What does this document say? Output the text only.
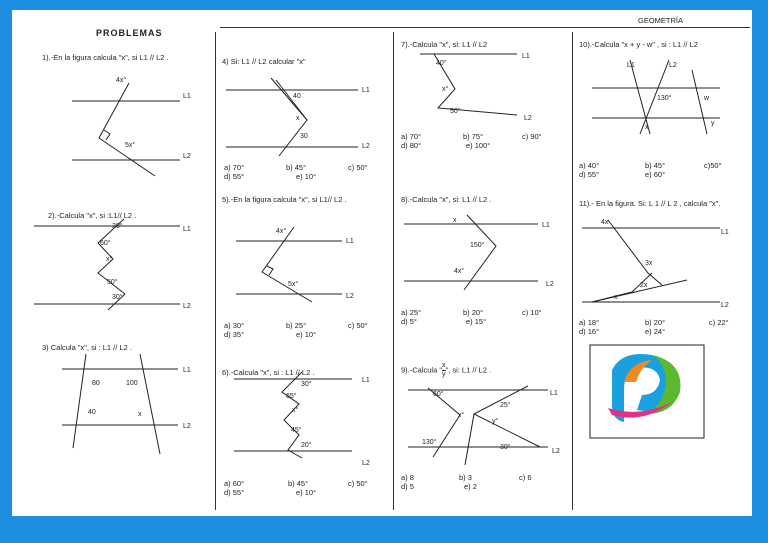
PROBLEMAS
GEOMETRÍA
1).-En la figura calcula "x", si L1 // L2 .
2).-Calcula "x", si :L1// L2 .
3) Calcula "x", si : L1 // L2 .
4) Si: L1 // L2 calcular "x"
5).-En la figura calcula "x", si L1// L2 .
6).-Calcula "x", si : L1 // L2 .
7).-Calcula "x", si: L1 // L2
8).-Calcula "x", si: L1 // L2 .
9).-Calcula " $\frac{x}{y}$ ", si: L1 // L2 .
10).-Calcula "x + y - w" , si : L1 // L2
11).- En la figura. Si: L 1 // L 2 , calcula "x".
a) 70°	b) 45°	c) 50°
d) 55°	e) 10°
a) 30°	b) 25°	c) 50°
d) 35°	e) 10°
a) 60°	b) 45°	c) 50°
d) 55°	e) 10°
a) 70°	b) 75°	c) 90°
d) 80°	e) 100°
a) 25°	b) 20°	c) 10°
d) 5°	e) 15°
a) 8	b) 3	c) 6
d) 5	e) 2
a) 40°	b) 45°	c)50°
d) 55°	e) 60°
a) 18°	b) 20°	c) 22°
d) 16°	e) 24°
4x°
5x°
L1
L2
20°
60°
x°
50°
30°
L1
L2
80	100
40	x
L1
L2
40
x
30
L1
L2
4x°
5x°
L1
L2
30°
65°
x°
45°
20°
L1
L2
40°
x°
50°
L1
L2
x
150°
4x°
L1
L2
60°
x°
25°
y°
130°
30°
L1
L2
130°	w
x
y
L1	L2
4x
3x
2x
x
L1
L2
